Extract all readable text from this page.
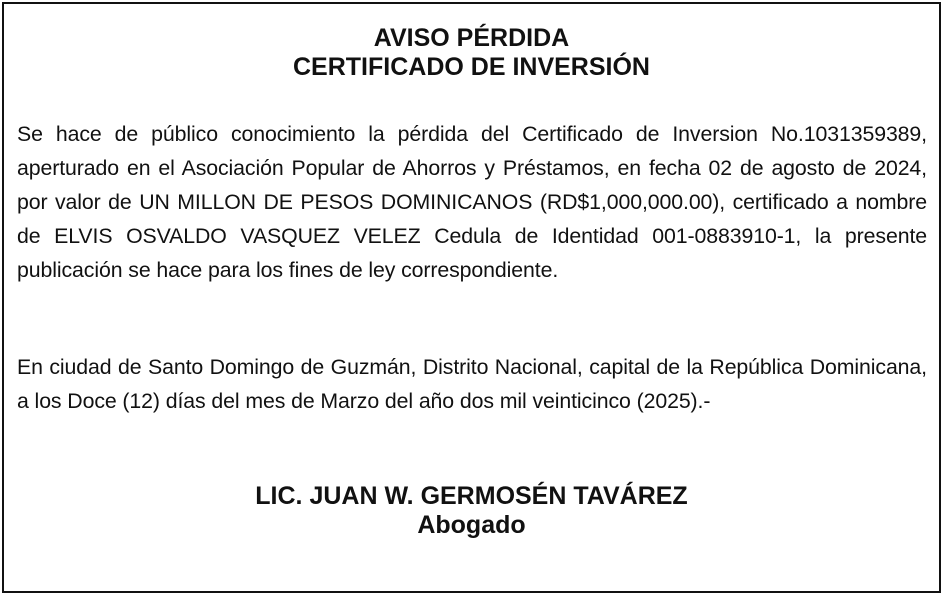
AVISO PÉRDIDA
CERTIFICADO DE INVERSIÓN
Se hace de público conocimiento la pérdida del Certificado de Inversion No.1031359389, aperturado en el Asociación Popular de Ahorros y Préstamos, en fecha 02 de agosto de 2024, por valor de UN MILLON DE PESOS DOMINICANOS (RD$1,000,000.00), certificado a nombre de ELVIS OSVALDO VASQUEZ VELEZ Cedula de Identidad 001-0883910-1, la presente publicación se hace para los fines de ley correspondiente.
En ciudad de Santo Domingo de Guzmán, Distrito Nacional, capital de la República Dominicana, a los Doce (12) días del mes de Marzo del año dos mil veinticinco (2025).-
LIC. JUAN W. GERMOSÉN TAVÁREZ
Abogado
